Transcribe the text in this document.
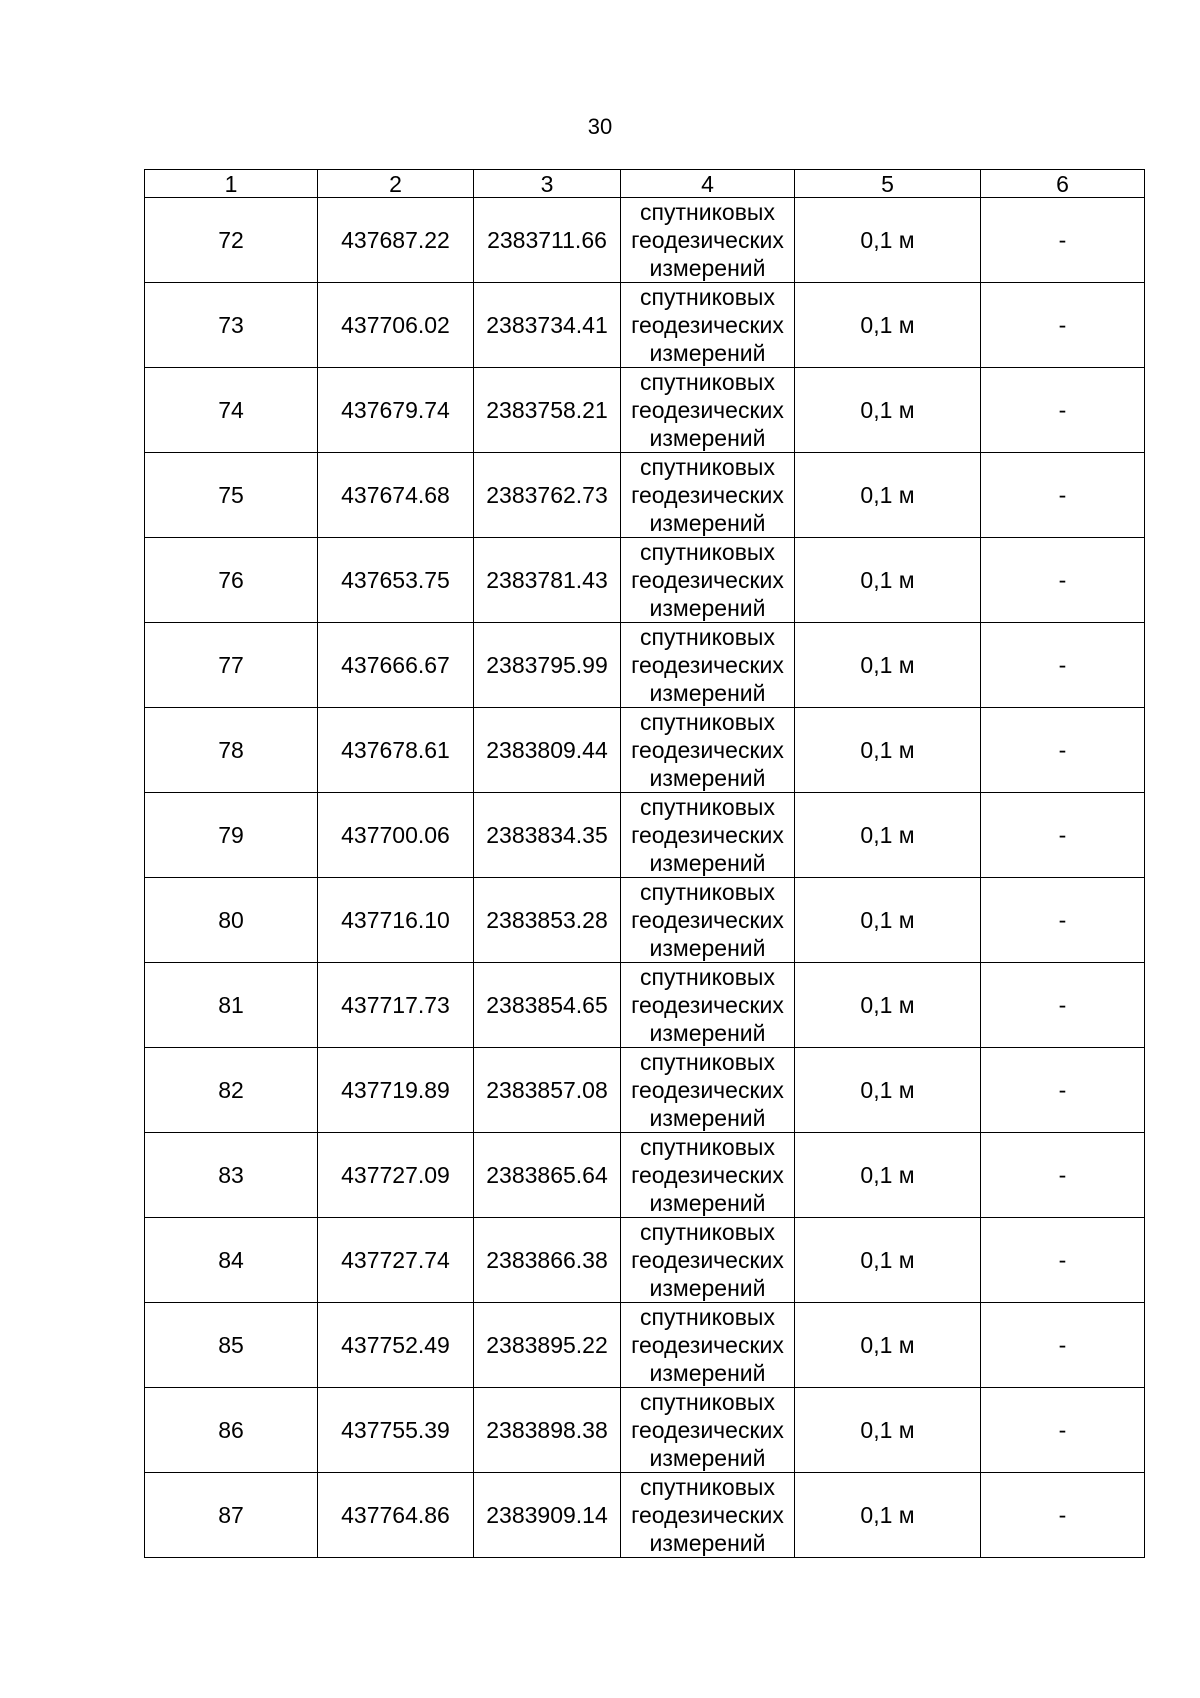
30
1	2	3	4	5	6
72	437687.22	2383711.66	спутниковых геодезических измерений	0,1 м	-
73	437706.02	2383734.41	спутниковых геодезических измерений	0,1 м	-
74	437679.74	2383758.21	спутниковых геодезических измерений	0,1 м	-
75	437674.68	2383762.73	спутниковых геодезических измерений	0,1 м	-
76	437653.75	2383781.43	спутниковых геодезических измерений	0,1 м	-
77	437666.67	2383795.99	спутниковых геодезических измерений	0,1 м	-
78	437678.61	2383809.44	спутниковых геодезических измерений	0,1 м	-
79	437700.06	2383834.35	спутниковых геодезических измерений	0,1 м	-
80	437716.10	2383853.28	спутниковых геодезических измерений	0,1 м	-
81	437717.73	2383854.65	спутниковых геодезических измерений	0,1 м	-
82	437719.89	2383857.08	спутниковых геодезических измерений	0,1 м	-
83	437727.09	2383865.64	спутниковых геодезических измерений	0,1 м	-
84	437727.74	2383866.38	спутниковых геодезических измерений	0,1 м	-
85	437752.49	2383895.22	спутниковых геодезических измерений	0,1 м	-
86	437755.39	2383898.38	спутниковых геодезических измерений	0,1 м	-
87	437764.86	2383909.14	спутниковых геодезических измерений	0,1 м	-
